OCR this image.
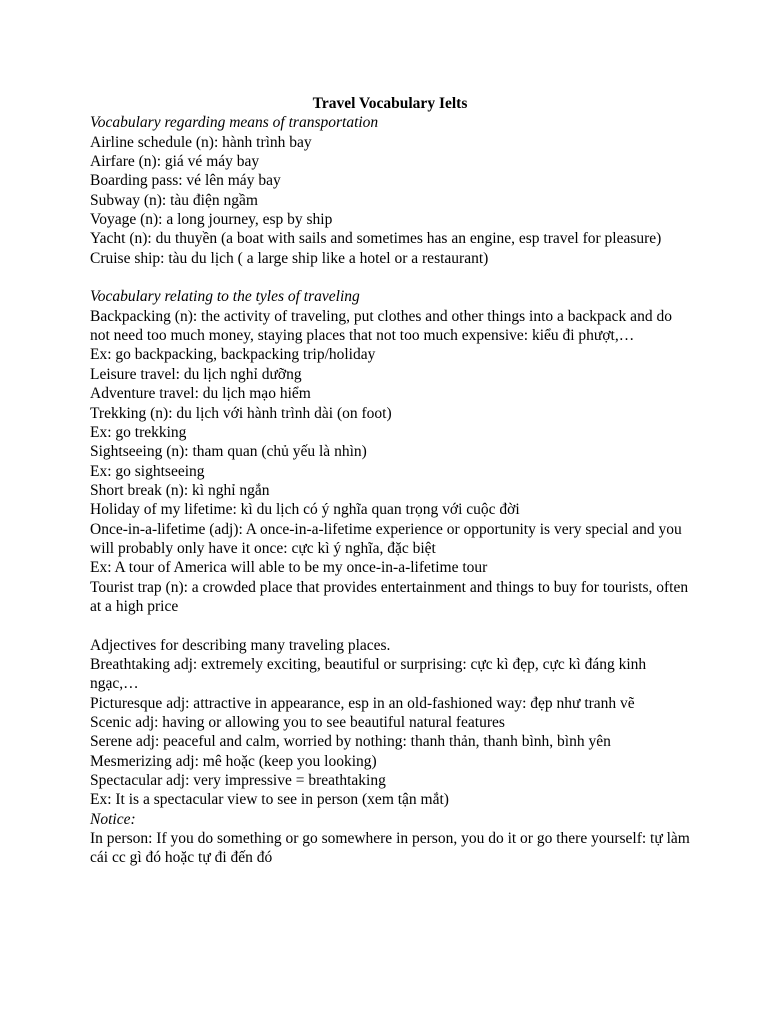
Travel Vocabulary Ielts

Vocabulary regarding means of transportation

Airline schedule (n): hành trình bay

Airfare (n): giá vé máy bay

Boarding pass: vé lên máy bay

Subway (n): tàu điện ngầm

Voyage (n): a long journey, esp by ship

Yacht (n): du thuyền (a boat with sails and sometimes has an engine, esp travel for pleasure)

Cruise ship: tàu du lịch ( a large ship like a hotel or a restaurant)

Vocabulary relating to the tyles of traveling

Backpacking (n): the activity of traveling, put clothes and other things into a backpack and do not need too much money, staying places that not too much expensive: kiểu đi phượt,…

Ex: go backpacking, backpacking trip/holiday

Leisure travel: du lịch nghỉ dưỡng

Adventure travel: du lịch mạo hiểm

Trekking (n): du lịch với hành trình dài (on foot)

Ex: go trekking

Sightseeing (n): tham quan (chủ yếu là nhìn)

Ex: go sightseeing

Short break (n): kì nghỉ ngắn

Holiday of my lifetime: kì du lịch có ý nghĩa quan trọng với cuộc đời

Once-in-a-lifetime (adj): A once-in-a-lifetime experience or opportunity is very special and you will probably only have it once: cực kì ý nghĩa, đặc biệt

Ex: A tour of America will able to be my once-in-a-lifetime tour

Tourist trap (n): a crowded place that provides entertainment and things to buy for tourists, often at a high price

Adjectives for describing many traveling places.

Breathtaking adj: extremely exciting, beautiful or surprising: cực kì đẹp, cực kì đáng kinh ngạc,…

Picturesque adj: attractive in appearance, esp in an old-fashioned way: đẹp như tranh vẽ

Scenic adj: having or allowing you to see beautiful natural features

Serene adj: peaceful and calm, worried by nothing: thanh thản, thanh bình, bình yên

Mesmerizing adj: mê hoặc (keep you looking)

Spectacular adj: very impressive = breathtaking

Ex: It is a spectacular view to see in person (xem tận mắt)

Notice:

In person: If you do something or go somewhere in person, you do it or go there yourself: tự làm cái cc gì đó hoặc tự đi đến đó
